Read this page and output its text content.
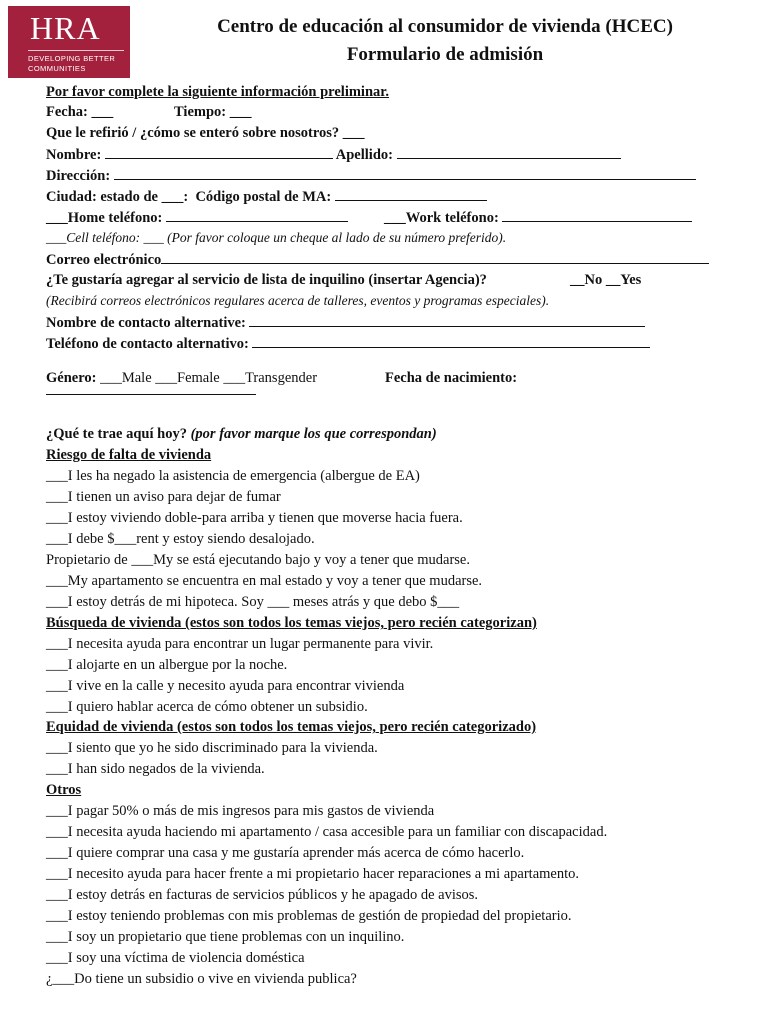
HRA
DEVELOPING BETTER
COMMUNITIES
Centro de educación al consumidor de vivienda (HCEC)
Formulario de admisión
Por favor complete la siguiente información preliminar.
Fecha: ___	Tiempo: ___
Que le refirió / ¿cómo se enteró sobre nosotros? ___
Nombre:	Apellido:
Dirección:
Ciudad: estado de ___: Código postal de MA:
___Home teléfono:	___Work teléfono:
___Cell teléfono: ___ (Por favor coloque un cheque al lado de su número preferido).
Correo electrónico
¿Te gustaría agregar al servicio de lista de inquilino (insertar Agencia)?	__No __Yes
(Recibirá correos electrónicos regulares acerca de talleres, eventos y programas especiales).
Nombre de contacto alternative:
Teléfono de contacto alternativo:
Género: ___Male ___Female ___Transgender	Fecha de nacimiento:
¿Qué te trae aquí hoy? (por favor marque los que correspondan)
Riesgo de falta de vivienda
___I les ha negado la asistencia de emergencia (albergue de EA)
___I tienen un aviso para dejar de fumar
___I estoy viviendo doble-para arriba y tienen que moverse hacia fuera.
___I debe $___rent y estoy siendo desalojado.
Propietario de ___My se está ejecutando bajo y voy a tener que mudarse.
___My apartamento se encuentra en mal estado y voy a tener que mudarse.
___I estoy detrás de mi hipoteca. Soy ___ meses atrás y que debo $___
Búsqueda de vivienda (estos son todos los temas viejos, pero recién categorizan)
___I necesita ayuda para encontrar un lugar permanente para vivir.
___I alojarte en un albergue por la noche.
___I vive en la calle y necesito ayuda para encontrar vivienda
___I quiero hablar acerca de cómo obtener un subsidio.
Equidad de vivienda (estos son todos los temas viejos, pero recién categorizado)
___I siento que yo he sido discriminado para la vivienda.
___I han sido negados de la vivienda.
Otros
___I pagar 50% o más de mis ingresos para mis gastos de vivienda
___I necesita ayuda haciendo mi apartamento / casa accesible para un familiar con discapacidad.
___I quiere comprar una casa y me gustaría aprender más acerca de cómo hacerlo.
___I necesito ayuda para hacer frente a mi propietario hacer reparaciones a mi apartamento.
___I estoy detrás en facturas de servicios públicos y he apagado de avisos.
___I estoy teniendo problemas con mis problemas de gestión de propiedad del propietario.
___I soy un propietario que tiene problemas con un inquilino.
___I soy una víctima de violencia doméstica
¿___Do tiene un subsidio o vive en vivienda publica?
